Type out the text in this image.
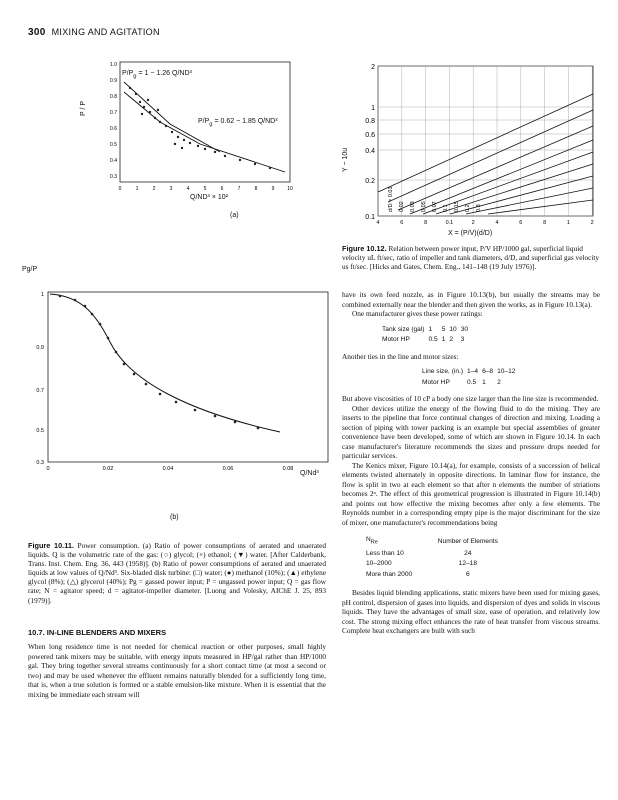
300 MIXING AND AGITATION
0	1	2	3	4	5	6	7	8	9	10
1.0
0.9
0.8
0.7
0.6
0.5
0.4
0.3
$P/P_g = 1 - 1.26$ Q/ND³
$P/P_g = 0.62 - 1.85$ Q/ND³
P / P
Q/ND³ × 10²
(a)
1
0.9
0.7
0.5
0.3
0	0.02	0.04	0.06	0.08
Q/Nd³
Pg/P
(b)
2
1
0.8
0.6
0.4
0.2
0.1
4	6	8	0.1	2	4	6	8	1	2
d/D = 0.01 0.02 0.03 0.05 0.07 0.1 0.15 0.2 0.3
Y − 10u
X = (P/V)(d/D)
Figure 10.12. Relation between power input, P/V HP/1000 gal, superficial liquid velocity uL ft/sec, ratio of impeller and tank diameters, d/D, and superficial gas velocity us ft/sec. [Hicks and Gates, Chem. Eng., 141–148 (19 July 1976)].
Figure 10.11. Power consumption. (a) Ratio of power consumptions of aerated and unaerated liquids. Q is the volumetric rate of the gas: (○) glycol; (×) ethanol; (▼) water. [After Calderbank, Trans. Inst. Chem. Eng. 36, 443 (1958)]. (b) Ratio of power consumptions of aerated and unaerated liquids at low values of Q/Nd³. Six-bladed disk turbine: (□) water; (●) methanol (10%); (▲) ethylene glycol (8%); (△) glycerol (40%); Pg = gassed power input; P = ungassed power input; Q = gas flow rate; N = agitator speed; d = agitator-impeller diameter. [Luong and Volesky, AIChE J. 25, 893 (1979)].
10.7. IN-LINE BLENDERS AND MIXERS

When long residence time is not needed for chemical reaction or other purposes, small highly powered tank mixers may be suitable, with energy inputs measured in HP/gal rather than HP/1000 gal. They bring together several streams continuously for a short contact time (at most a second or two) and may be used whenever the effluent remains naturally blended for a sufficiently long time, that is, when a true solution is formed or a stable emulsion-like mixture. When it is essential that the mixing be immediate each stream will

have its own feed nozzle, as in Figure 10.13(b), but usually the streams may be combined externally near the blender and then given the works, as in Figure 10.13(a).

One manufacturer gives these power ratings:

Tank size (gal)	1	5	10	30
Motor HP	0.5	1	2	3

Another ties in the line and motor sizes:

Line size, (in.)	1–4	6–8	10–12
Motor HP	0.5	1	2

But above viscosities of 10 cP a body one size larger than the line size is recommended.

Other devices utilize the energy of the flowing fluid to do the mixing. They are inserts to the pipeline that force continual changes of direction and mixing. Loading a section of piping with tower packing is an example but special assemblies of greater convenience have been developed, some of which are shown in Figure 10.14. In each case manufacturer's literature recommends the sizes and pressure drops needed for particular services.

The Kenics mixer, Figure 10.14(a), for example, consists of a succession of helical elements twisted alternately in opposite directions. In laminar flow for instance, the flow is split in two at each element so that after n elements the number of striations becomes 2ⁿ. The effect of this geometrical progression is illustrated in Figure 10.14(b) and points out how effective the mixing becomes after only a few elements. The Reynolds number in a corresponding empty pipe is the major discriminant for the size of mixer, one manufacturer's recommendations being

$N_{Re}$	Number of Elements
Less than 10	24
10–2000	12–18
More than 2000	6

Besides liquid blending applications, static mixers have been used for mixing gases, pH control, dispersion of gases into liquids, and dispersion of dyes and solids in viscous liquids. They have the advantages of small size, ease of operation, and relatively low cost. The strong mixing effect enhances the rate of heat transfer from viscous streams. Complete heat exchangers are built with such
